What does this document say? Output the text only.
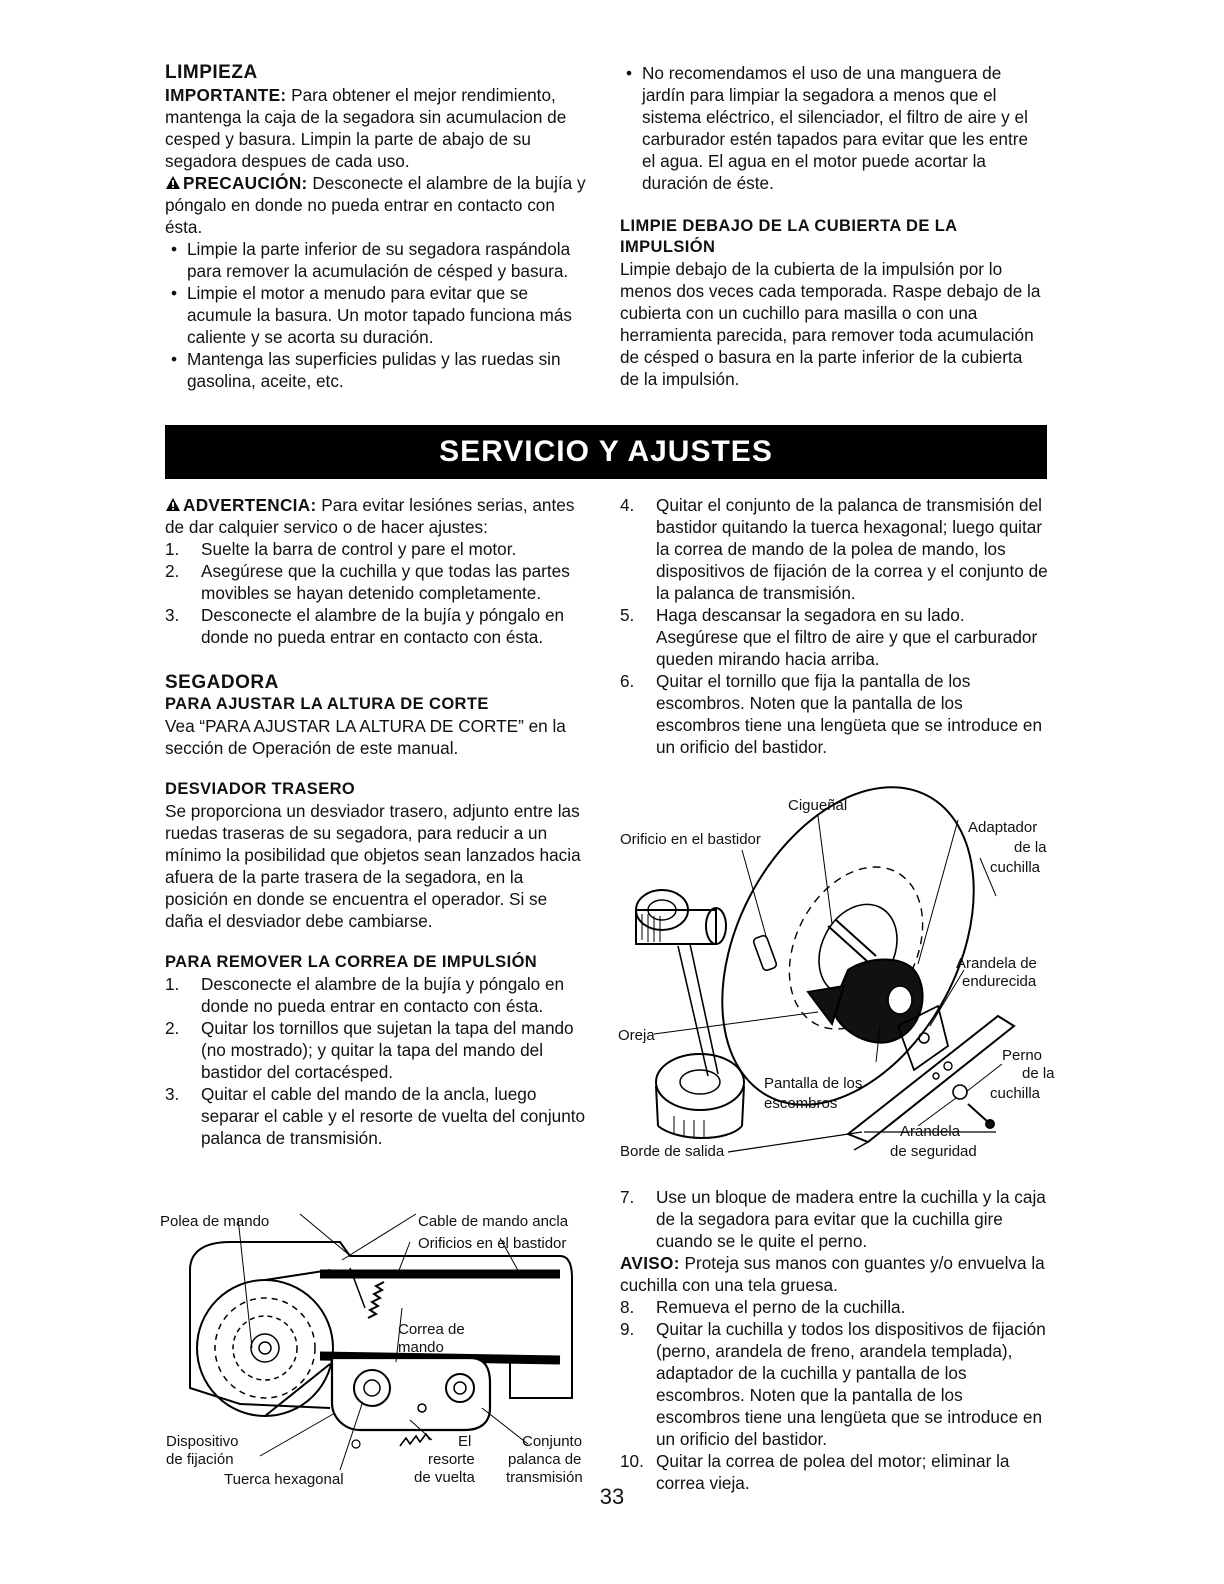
LIMPIEZA

IMPORTANTE: Para obtener el mejor rendimiento, mantenga la caja de la segadora sin acumulacion de cesped y basura. Limpin la parte de abajo de su segadora despues de cada uso.

PRECAUCIÓN: Desconecte el alambre de la bujía y póngalo en donde no pueda entrar en contacto con ésta.

• Limpie la parte inferior de su segadora raspándola para remover la acumulación de césped y basura.
• Limpie el motor a menudo para evitar que se acumule la basura. Un motor tapado funciona más caliente y se acorta su duración.
• Mantenga las superficies pulidas y las ruedas sin gasolina, aceite, etc.
• No recomendamos el uso de una manguera de jardín para limpiar la segadora a menos que el sistema eléctrico, el silenciador, el filtro de aire y el carburador estén tapados para evitar que les entre el agua. El agua en el motor puede acortar la duración de éste.
LIMPIE DEBAJO DE LA CUBIERTA DE LA IMPULSIÓN

Limpie debajo de la cubierta de la impulsión por lo menos dos veces cada temporada. Raspe debajo de la cubierta con un cuchillo para masilla o con una herramienta parecida, para remover toda acumulación de césped o basura en la parte inferior de la cubierta de la impulsión.

SERVICIO Y AJUSTES

ADVERTENCIA: Para evitar lesiónes serias, antes de dar calquier servico o de hacer ajustes:

1. Suelte la barra de control y pare el motor.
2. Asegúrese que la cuchilla y que todas las partes movibles se hayan detenido completamente.
3. Desconecte el alambre de la bujía y póngalo en donde no pueda entrar en contacto con ésta.
SEGADORA
PARA AJUSTAR LA ALTURA DE CORTE

Vea “PARA AJUSTAR LA ALTURA DE CORTE” en la sección de Operación de este manual.

DESVIADOR TRASERO

Se proporciona un desviador trasero, adjunto entre las ruedas traseras de su segadora, para reducir a un mínimo la posibilidad que objetos sean lanzados hacia afuera de la parte trasera de la segadora, en la posición en donde se encuentra el operador. Si se daña el desviador debe cambiarse.

PARA REMOVER LA CORREA DE IMPULSIÓN
1. Desconecte el alambre de la bujía y póngalo en donde no pueda entrar en contacto con ésta.
2. Quitar los tornillos que sujetan la tapa del mando (no mostrado); y quitar la tapa del mando del bastidor del cortacésped.
3. Quitar el cable del mando de la ancla, luego separar el cable y el resorte de vuelta del conjunto palanca de transmisión.
Polea de mando	Cable de mando ancla
Orificios en el bastidor
Correa de
mando
Dispositivo
de fijación
Tuerca hexagonal
El
resorte
de vuelta
Conjunto
palanca de
transmisión
4. Quitar el conjunto de la palanca de transmisión del bastidor quitando la tuerca hexagonal; luego quitar la correa de mando de la polea de mando, los dispositivos de fijación de la correa y el conjunto de la palanca de transmisión.
5. Haga descansar la segadora en su lado. Asegúrese que el filtro de aire y que el carburador queden mirando hacia arriba.
6. Quitar el tornillo que fija la pantalla de los escombros. Noten que la pantalla de los escombros tiene una lengüeta que se introduce en un orificio del bastidor.
Cigueñal
Orificio en el bastidor
Adaptador
de la
cuchilla
Arandela de
endurecida
Oreja
Perno
de la
cuchilla
Pantalla de los
escombros
Arandela
de seguridad
Borde de salida
7. Use un bloque de madera entre la cuchilla y la caja de la segadora para evitar que la cuchilla gire cuando se le quite el perno.

AVISO: Proteja sus manos con guantes y/o envuelva la cuchilla con una tela gruesa.

8. Remueva el perno de la cuchilla.
9. Quitar la cuchilla y todos los dispositivos de fijación (perno, arandela de freno, arandela templada), adaptador de la cuchilla y pantalla de los escombros. Noten que la pantalla de los escombros tiene una lengüeta que se introduce en un orificio del bastidor.
10. Quitar la correa de polea del motor; eliminar la correa vieja.
33
